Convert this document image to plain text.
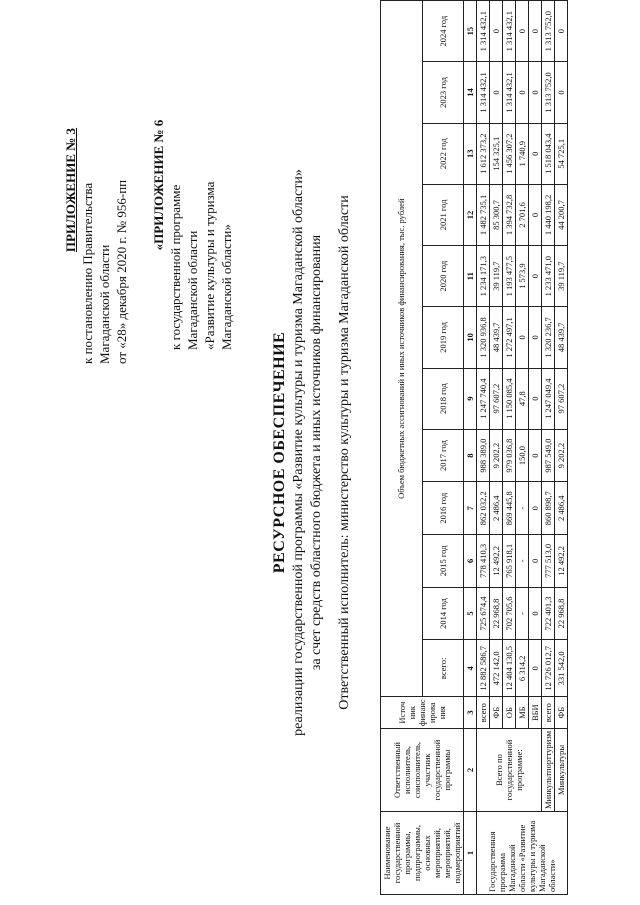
ПРИЛОЖЕНИЕ № 3 к постановлению Правительства Магаданской области от «28» декабря 2020 г. № 956-пп «ПРИЛОЖЕНИЕ № 6 к государственной программе Магаданской области «Развитие культуры и туризма Магаданской области»
РЕСУРСНОЕ ОБЕСПЕЧЕНИЕ реализации государственной программы «Развитие культуры и туризма Магаданской области» за счет средств областного бюджета и иных источников финансирования Ответственный исполнитель: министерство культуры и туризма Магаданской области
Наименование государственной программы, подпрограммы, основных мероприятий, мероприятий, подмероприятий	Ответственный исполнитель, соисполнитель, участник государственной программы	Источ ник финанс ирова ния	Объем бюджетных ассигнований и иных источников финансирования, тыс. рублей											
			всего:	2014 год	2015 год	2016 год	2017 год	2018 год	2019 год	2020 год	2021 год	2022 год	2023 год	2024 год
1	2	3	4	5	6	7	8	9	10	11	12	13	14	15
Государственная программа Магаданской области «Развитие культуры и туризма Магаданской области»	Всего по государственной программе:	всего	12 882 586,7	725 674,4	778 410,3	862 032,2	988 389,0	1 247 740,4	1 320 936,8	1 234 171,3	1 482 735,1	1 612 373,2	1 314 432,1	1 314 432,1
		ФБ	472 142,0	22 968,8	12 492,2	2 486,4	9 202,2	97 607,2	48 439,7	39 119,7	85 300,7	154 325,1	0	0
		ОБ	12 404 130,5	702 705,6	765 918,1	869 445,8	979 036,8	1 150 085,4	1 272 497,1	1 193 477,5	1 394 732,8	1 456 307,2	1 314 432,1	1 314 432,1
		МБ	6 314,2	-	-	-	150,0	47,8	0	1 573,9	2 701,6	1 740,9	0	0
		ВБИ	0	0	0	0	0	0	0	0	0	0	0	0
	Минкультпорттуризм	всего	12 726 012,7	722 401,3	777 513,0	860 898,7	987 549,0	1 247 049,4	1 320 236,7	1 233 471,0	1 440 198,2	1 518 043,4	1 313 752,0	1 313 752,0
	Минкультуры	ФБ	331 542,0	22 968,8	12 492,2	2 486,4	9 202,2	97 607,2	48 439,7	39 119,7	44 200,7	54 725,1	0	0
